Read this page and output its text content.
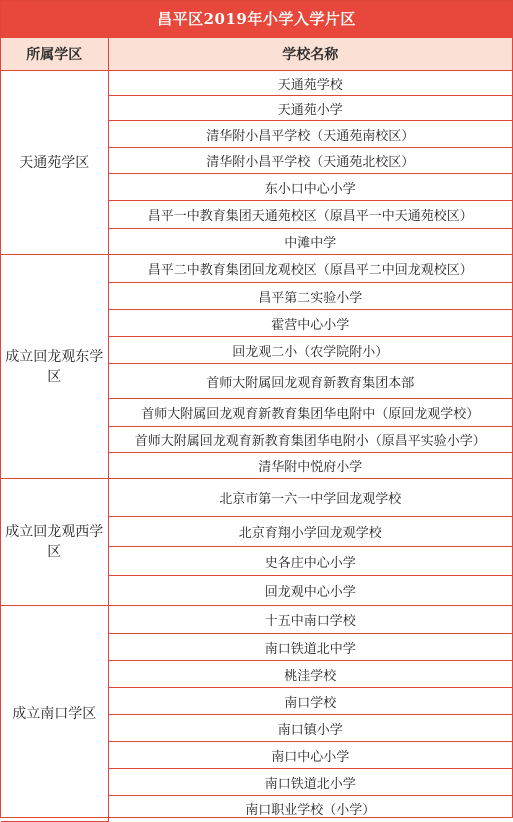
昌平区2019年小学入学片区
所属学区	学校名称
天通苑学区	天通苑学校
	天通苑小学
	清华附小昌平学校（天通苑南校区）
	清华附小昌平学校（天通苑北校区）
	东小口中心小学
	昌平一中教育集团天通苑校区（原昌平一中天通苑校区）
	中滩中学
成立回龙观东学区	昌平二中教育集团回龙观校区（原昌平二中回龙观校区）
	昌平第二实验小学
	霍营中心小学
	回龙观二小（农学院附小）
	首师大附属回龙观育新教育集团本部
	首师大附属回龙观育新教育集团华电附中（原回龙观学校）
	首师大附属回龙观育新教育集团华电附小（原昌平实验小学）
	清华附中悦府小学
成立回龙观西学区	北京市第一六一中学回龙观学校
	北京育翔小学回龙观学校
	史各庄中心小学
	回龙观中心小学
成立南口学区	十五中南口学校
	南口铁道北中学
	桃洼学校
	南口学校
	南口镇小学
	南口中心小学
	南口铁道北小学
	南口职业学校（小学）
